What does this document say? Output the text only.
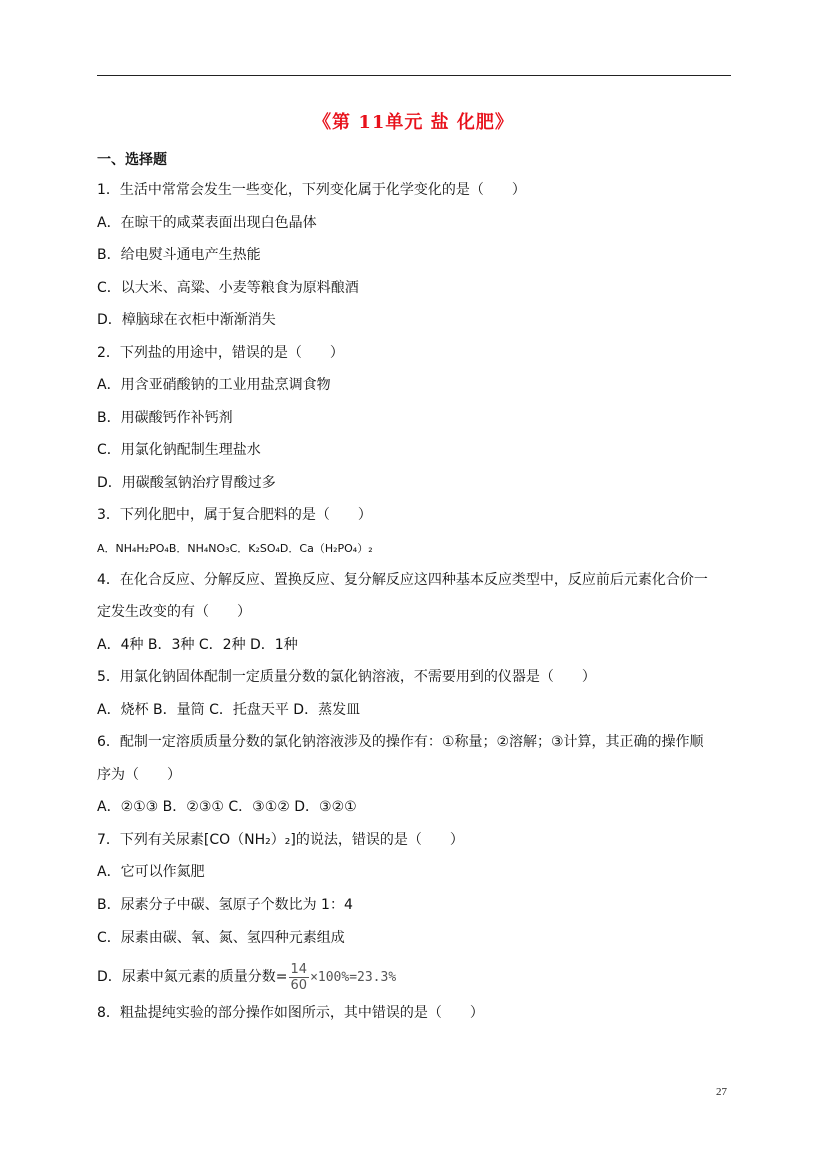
《第 11单元 盐 化肥》
一、选择题
1．生活中常常会发生一些变化，下列变化属于化学变化的是（　　）
A．在晾干的咸菜表面出现白色晶体
B．给电熨斗通电产生热能
C．以大米、高粱、小麦等粮食为原料酿酒
D．樟脑球在衣柜中渐渐消失
2．下列盐的用途中，错误的是（　　）
A．用含亚硝酸钠的工业用盐烹调食物
B．用碳酸钙作补钙剂
C．用氯化钠配制生理盐水
D．用碳酸氢钠治疗胃酸过多
3．下列化肥中，属于复合肥料的是（　　）
A．NH₄H₂PO₄B．NH₄NO₃C．K₂SO₄D．Ca（H₂PO₄）₂
4．在化合反应、分解反应、置换反应、复分解反应这四种基本反应类型中，反应前后元素化合价一
定发生改变的有（　　）
A．4种 B．3种 C．2种 D．1种
5．用氯化钠固体配制一定质量分数的氯化钠溶液，不需要用到的仪器是（　　）
A．烧杯 B．量筒 C．托盘天平 D．蒸发皿
6．配制一定溶质质量分数的氯化钠溶液涉及的操作有：①称量；②溶解；③计算，其正确的操作顺
序为（　　）
A．②①③ B．②③① C．③①② D．③②①
7．下列有关尿素[CO（NH₂）₂]的说法，错误的是（　　）
A．它可以作氮肥
B．尿素分子中碳、氢原子个数比为 1：4
C．尿素由碳、氧、氮、氢四种元素组成
D．尿素中氮元素的质量分数= $\frac{14}{60} \times 100\%=23.3\%$
8．粗盐提纯实验的部分操作如图所示，其中错误的是（　　）
27
